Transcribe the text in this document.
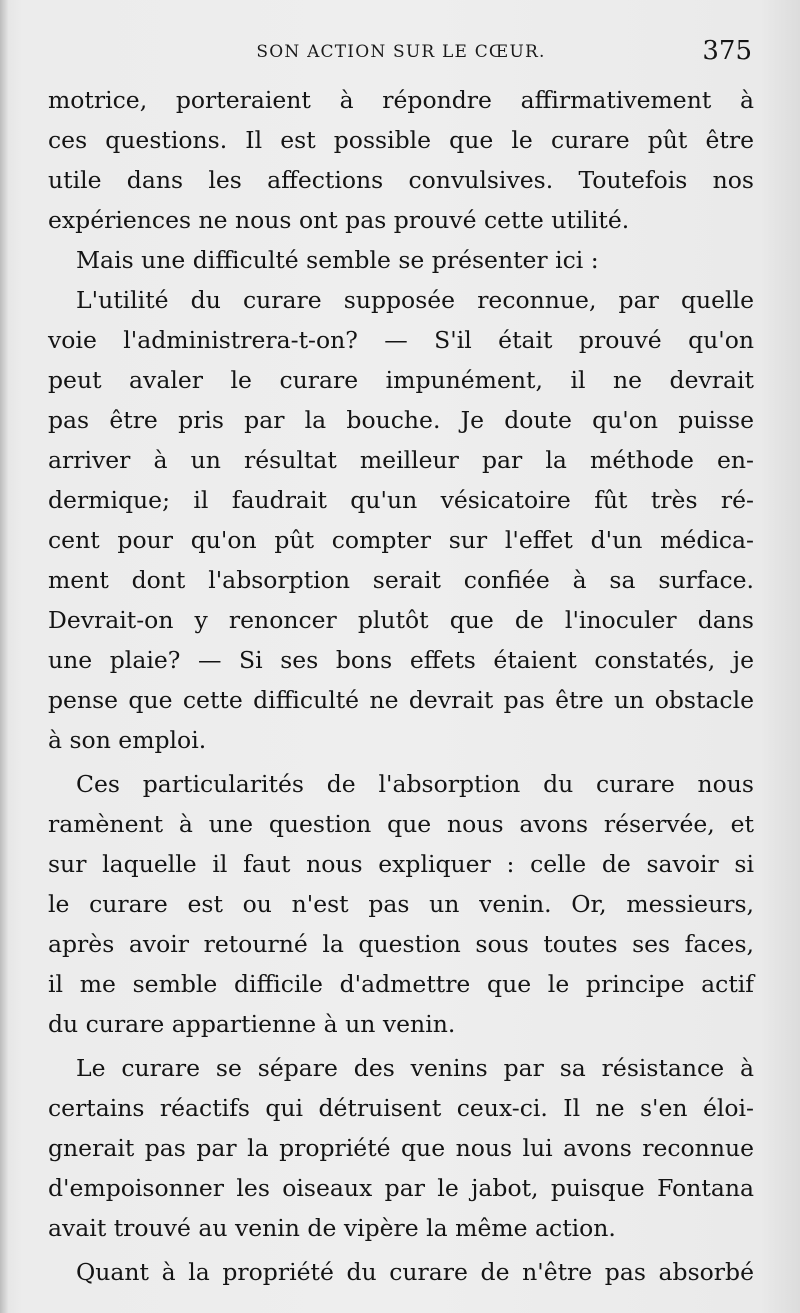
SON ACTION SUR LE CŒUR.	375
motrice, porteraient à répondre affirmativement à
ces questions. Il est possible que le curare pût être
utile dans les affections convulsives. Toutefois nos
expériences ne nous ont pas prouvé cette utilité.
Mais une difficulté semble se présenter ici :
L'utilité du curare supposée reconnue, par quelle
voie l'administrera-t-on? — S'il était prouvé qu'on
peut avaler le curare impunément, il ne devrait
pas être pris par la bouche. Je doute qu'on puisse
arriver à un résultat meilleur par la méthode en-
dermique; il faudrait qu'un vésicatoire fût très ré-
cent pour qu'on pût compter sur l'effet d'un médica-
ment dont l'absorption serait confiée à sa surface.
Devrait-on y renoncer plutôt que de l'inoculer dans
une plaie? — Si ses bons effets étaient constatés, je
pense que cette difficulté ne devrait pas être un obstacle
à son emploi.
Ces particularités de l'absorption du curare nous
ramènent à une question que nous avons réservée, et
sur laquelle il faut nous expliquer : celle de savoir si
le curare est ou n'est pas un venin. Or, messieurs,
après avoir retourné la question sous toutes ses faces,
il me semble difficile d'admettre que le principe actif
du curare appartienne à un venin.
Le curare se sépare des venins par sa résistance à
certains réactifs qui détruisent ceux-ci. Il ne s'en éloi-
gnerait pas par la propriété que nous lui avons reconnue
d'empoisonner les oiseaux par le jabot, puisque Fontana
avait trouvé au venin de vipère la même action.
Quant à la propriété du curare de n'être pas absorbé
